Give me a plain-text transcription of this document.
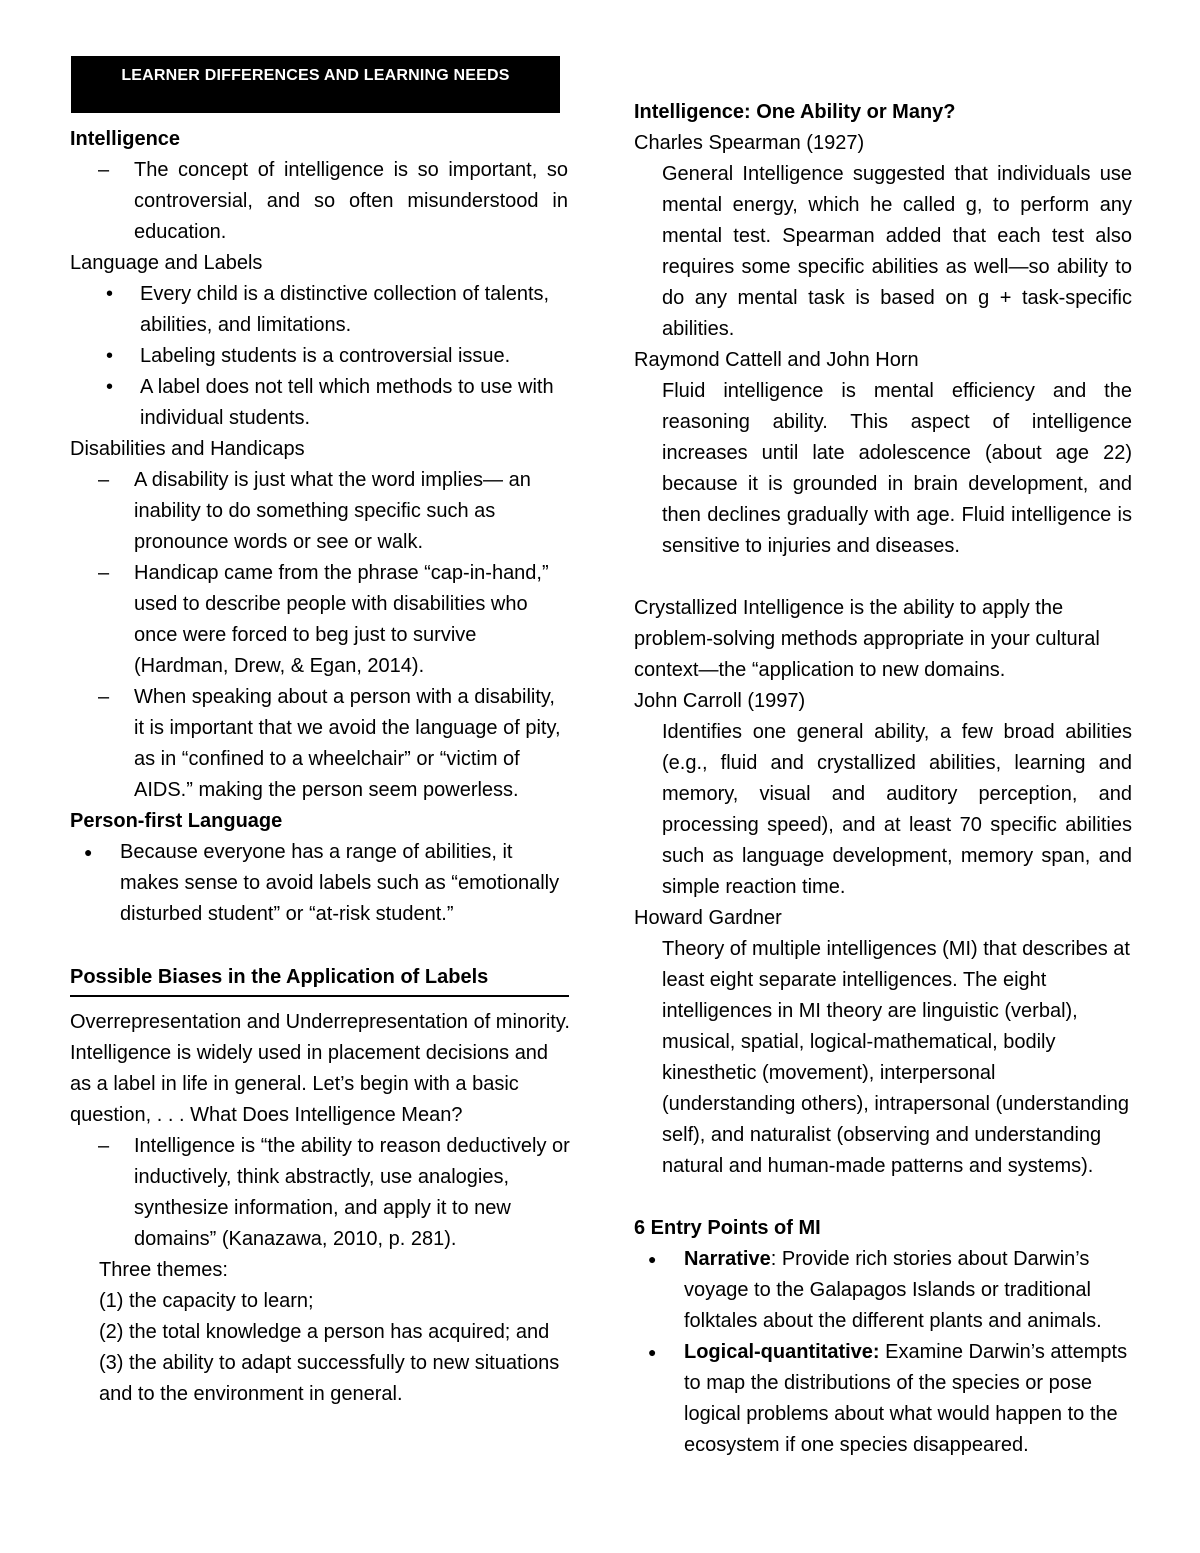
LEARNER DIFFERENCES AND LEARNING NEEDS

Intelligence

– The concept of intelligence is so important, so controversial, and so often misunderstood in education.

Language and Labels

• Every child is a distinctive collection of talents, abilities, and limitations.
• Labeling students is a controversial issue.
• A label does not tell which methods to use with individual students.

Disabilities and Handicaps

– A disability is just what the word implies— an inability to do something specific such as pronounce words or see or walk.
– Handicap came from the phrase “cap-in-hand,” used to describe people with disabilities who once were forced to beg just to survive (Hardman, Drew, & Egan, 2014).
– When speaking about a person with a disability, it is important that we avoid the language of pity, as in “confined to a wheelchair” or “victim of AIDS.” making the person seem powerless.

Person-first Language

● Because everyone has a range of abilities, it makes sense to avoid labels such as “emotionally disturbed student” or “at-risk student.”

Possible Biases in the Application of Labels

Overrepresentation and Underrepresentation of minority. Intelligence is widely used in placement decisions and as a label in life in general. Let’s begin with a basic question, . . . What Does Intelligence Mean?

– Intelligence is “the ability to reason deductively or inductively, think abstractly, use analogies, synthesize information, and apply it to new domains” (Kanazawa, 2010, p. 281).

Three themes:

(1) the capacity to learn;

(2) the total knowledge a person has acquired; and

(3) the ability to adapt successfully to new situations and to the environment in general.

Intelligence: One Ability or Many?

Charles Spearman (1927)

General Intelligence suggested that individuals use mental energy, which he called g, to perform any mental test. Spearman added that each test also requires some specific abilities as well—so ability to do any mental task is based on g + task-specific abilities.

Raymond Cattell and John Horn

Fluid intelligence is mental efficiency and the reasoning ability. This aspect of intelligence increases until late adolescence (about age 22) because it is grounded in brain development, and then declines gradually with age. Fluid intelligence is sensitive to injuries and diseases.

Crystallized Intelligence is the ability to apply the problem-solving methods appropriate in your cultural context—the “application to new domains.

John Carroll (1997)

Identifies one general ability, a few broad abilities (e.g., fluid and crystallized abilities, learning and memory, visual and auditory perception, and processing speed), and at least 70 specific abilities such as language development, memory span, and simple reaction time.

Howard Gardner

Theory of multiple intelligences (MI) that describes at least eight separate intelligences. The eight intelligences in MI theory are linguistic (verbal), musical, spatial, logical-mathematical, bodily kinesthetic (movement), interpersonal (understanding others), intrapersonal (understanding self), and naturalist (observing and understanding natural and human-made patterns and systems).

6 Entry Points of MI

● Narrative: Provide rich stories about Darwin’s voyage to the Galapagos Islands or traditional folktales about the different plants and animals.
● Logical-quantitative: Examine Darwin’s attempts to map the distributions of the species or pose logical problems about what would happen to the ecosystem if one species disappeared.
